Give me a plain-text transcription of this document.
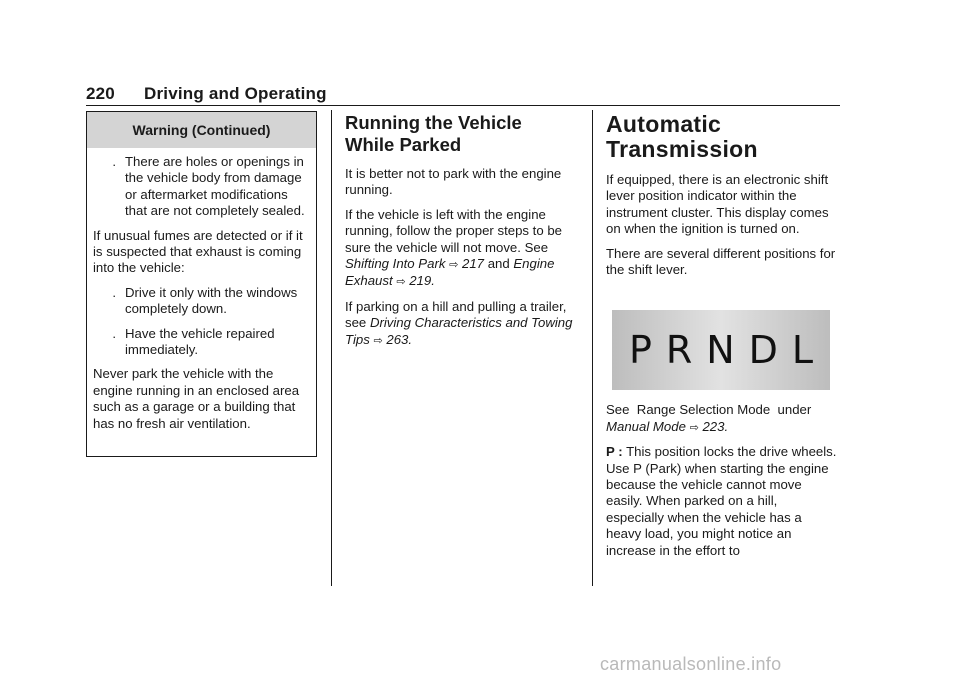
220 Driving and Operating
Warning (Continued)
. There are holes or openings in the vehicle body from damage or aftermarket modifications that are not completely sealed.

If unusual fumes are detected or if it is suspected that exhaust is coming into the vehicle:

. Drive it only with the windows completely down.
. Have the vehicle repaired immediately.

Never park the vehicle with the engine running in an enclosed area such as a garage or a building that has no fresh air ventilation.

Running the Vehicle While Parked

It is better not to park with the engine running.

If the vehicle is left with the engine running, follow the proper steps to be sure the vehicle will not move. See Shifting Into Park ⇨ 217 and Engine Exhaust ⇨ 219.

If parking on a hill and pulling a trailer, see Driving Characteristics and Towing Tips ⇨ 263.

Automatic Transmission

If equipped, there is an electronic shift lever position indicator within the instrument cluster. This display comes on when the ignition is turned on.

There are several different positions for the shift lever.

P R N D L

See  Range Selection Mode  under
Manual Mode ⇨ 223.

P : This position locks the drive wheels. Use P (Park) when starting the engine because the vehicle cannot move easily. When parked on a hill, especially when the vehicle has a heavy load, you might notice an increase in the effort to

carmanualsonline.info
